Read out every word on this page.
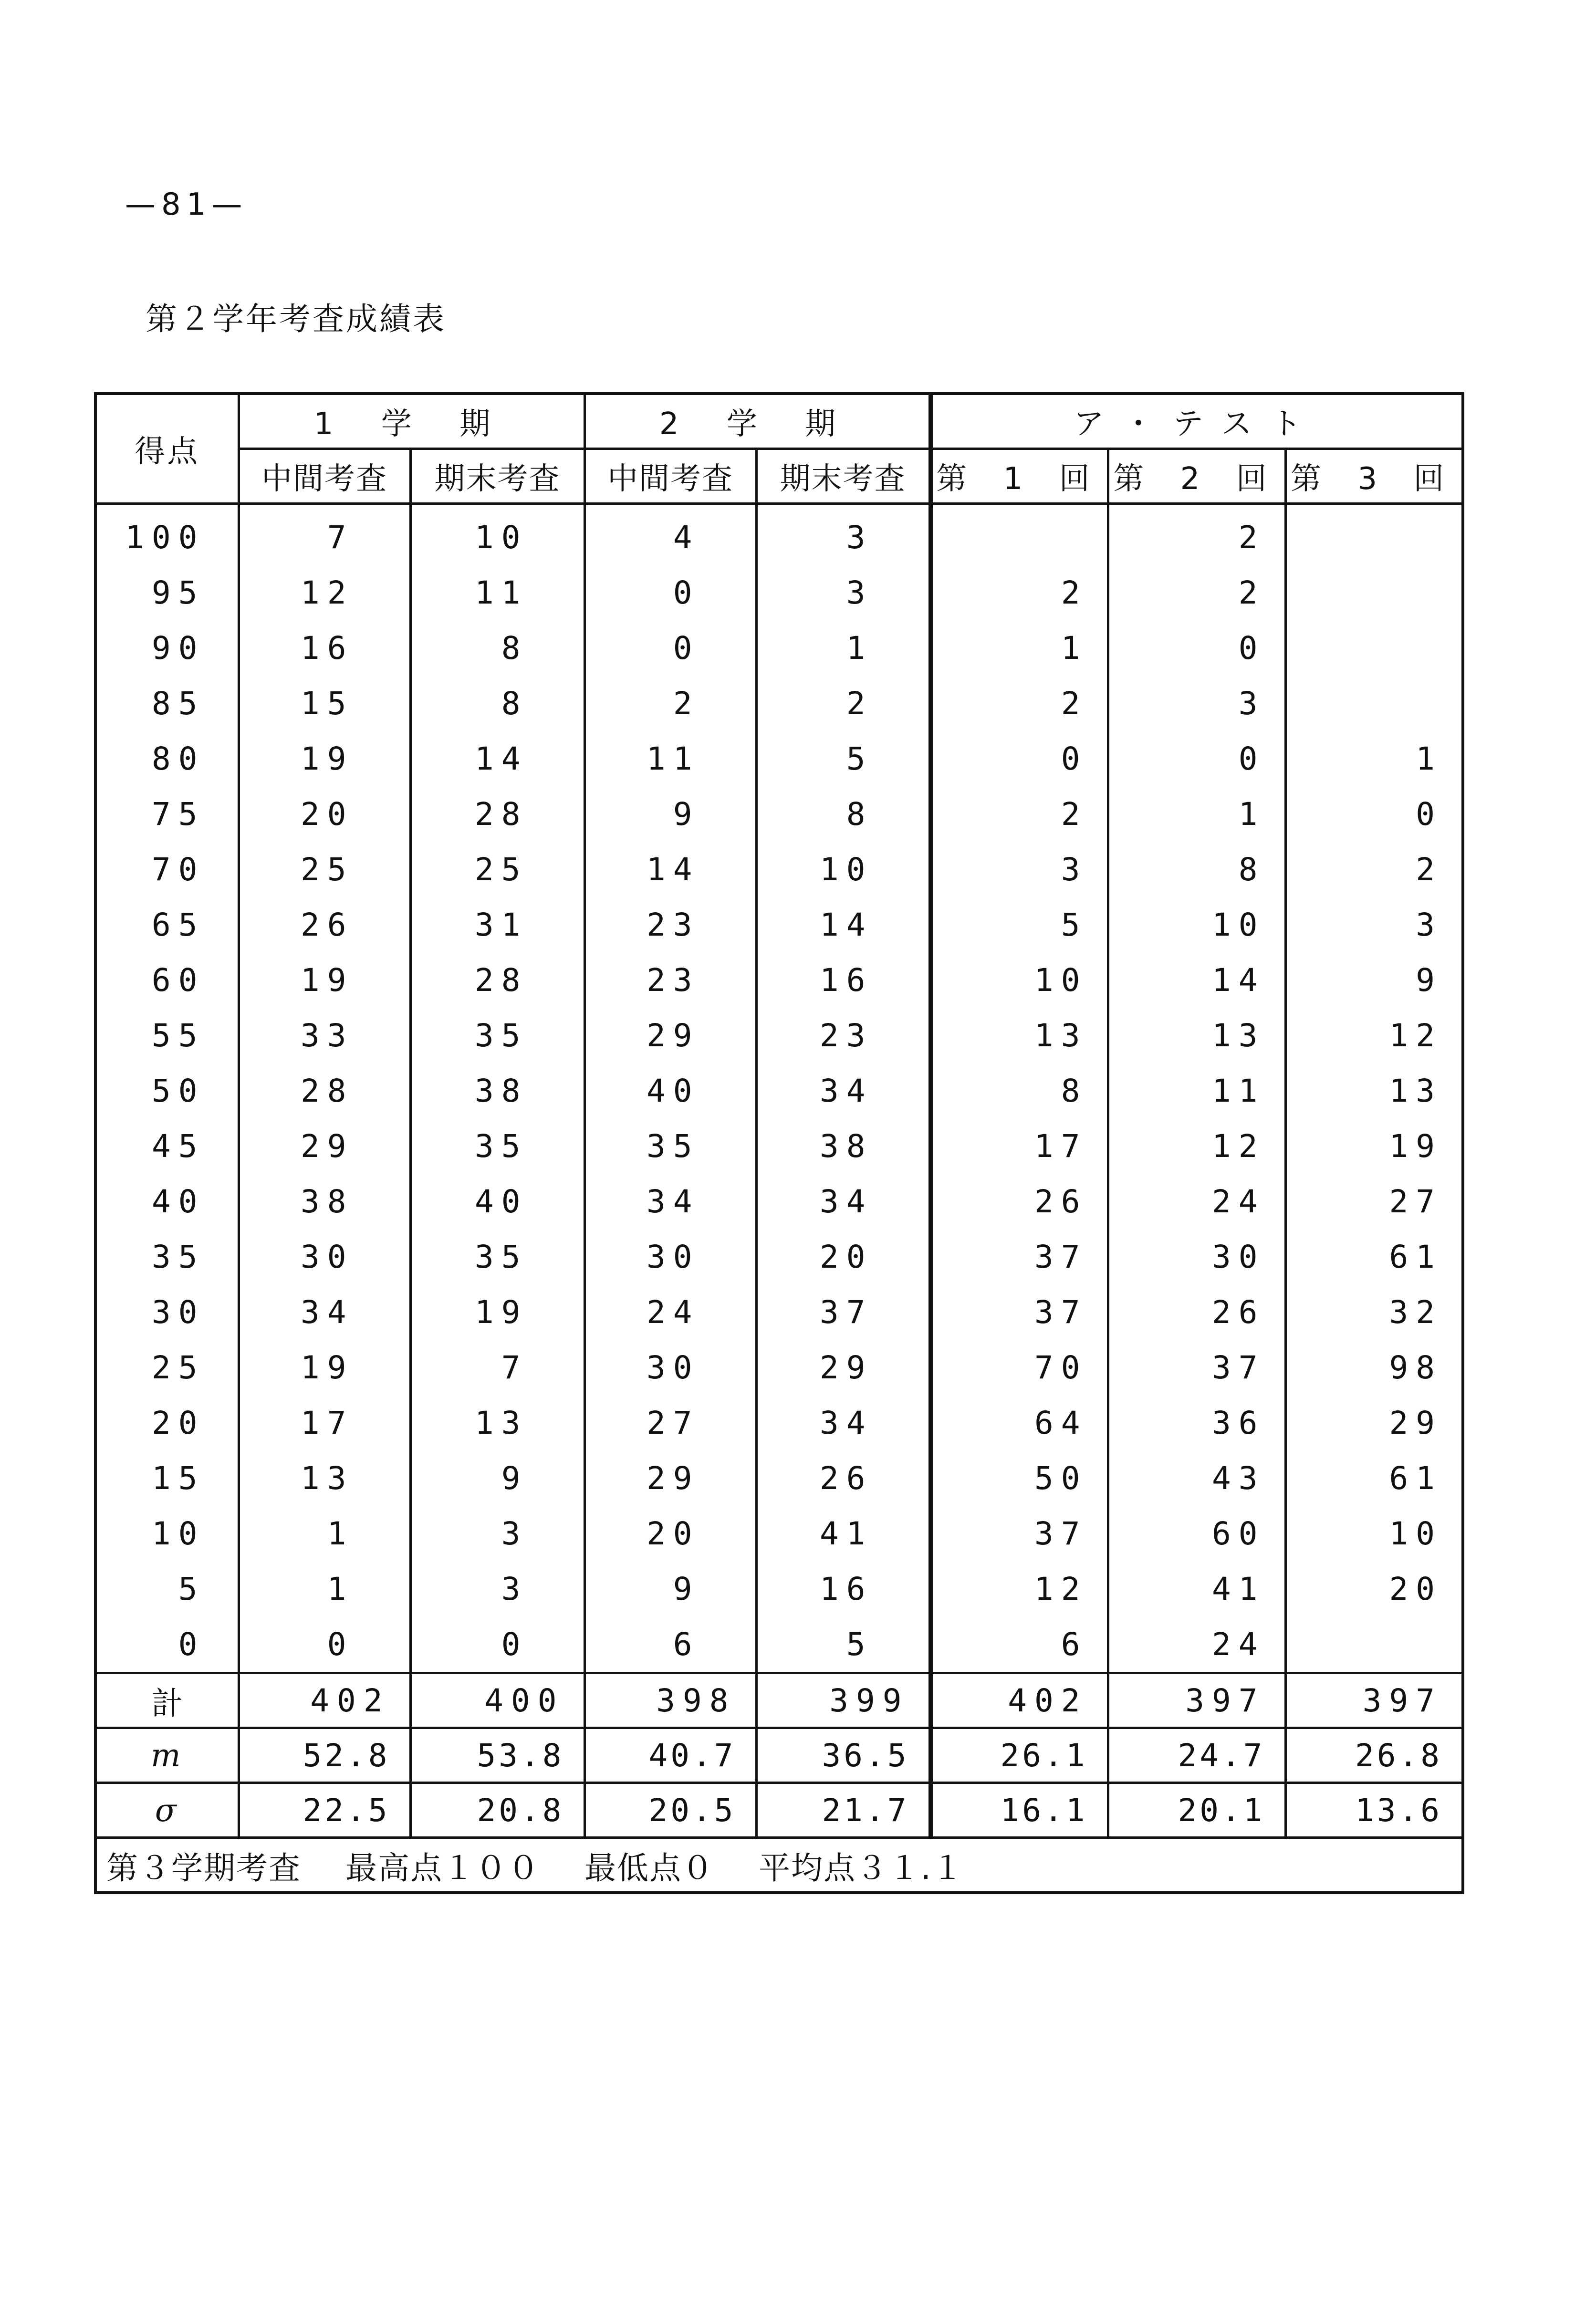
—81—
第２学年考査成績表
得点	1 学 期		2 学 期		ア・テスト		
	中間考査	期末考査	中間考査	期末考査	第 1 回	第 2 回	第 3 回
100	7	10	4	3		2	
95	12	11	0	3	2	2	
90	16	8	0	1	1	0	
85	15	8	2	2	2	3	
80	19	14	11	5	0	0	1
75	20	28	9	8	2	1	0
70	25	25	14	10	3	8	2
65	26	31	23	14	5	10	3
60	19	28	23	16	10	14	9
55	33	35	29	23	13	13	12
50	28	38	40	34	8	11	13
45	29	35	35	38	17	12	19
40	38	40	34	34	26	24	27
35	30	35	30	20	37	30	61
30	34	19	24	37	37	26	32
25	19	7	30	29	70	37	98
20	17	13	27	34	64	36	29
15	13	9	29	26	50	43	61
10	1	3	20	41	37	60	10
5	1	3	9	16	12	41	20
0	0	0	6	5	6	24	
計	402	400	398	399	402	397	397
m	52.8	53.8	40.7	36.5	26.1	24.7	26.8
σ	22.5	20.8	20.5	21.7	16.1	20.1	13.6
第３学期考査 最高点１００ 最低点０ 平均点３１.１							
